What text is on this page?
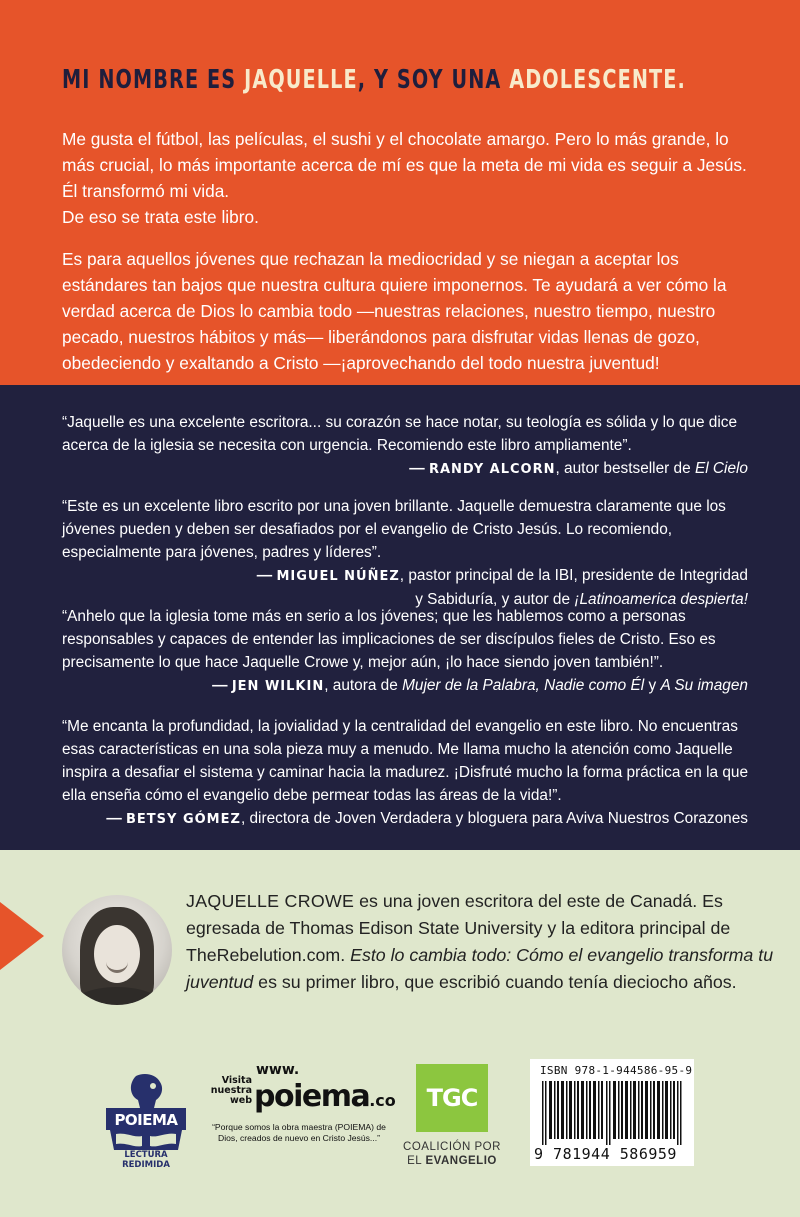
MI NOMBRE ES JAQUELLE, Y SOY UNA ADOLESCENTE.

Me gusta el fútbol, las películas, el sushi y el chocolate amargo. Pero lo más grande, lo más crucial, lo más importante acerca de mí es que la meta de mi vida es seguir a Jesús. Él transformó mi vida.

De eso se trata este libro.

Es para aquellos jóvenes que rechazan la mediocridad y se niegan a aceptar los estándares tan bajos que nuestra cultura quiere imponernos. Te ayudará a ver cómo la verdad acerca de Dios lo cambia todo —nuestras relaciones, nuestro tiempo, nuestro pecado, nuestros hábitos y más— liberándonos para disfrutar vidas llenas de gozo, obedeciendo y exaltando a Cristo —¡aprovechando del todo nuestra juventud!

“Jaquelle es una excelente escritora... su corazón se hace notar, su teología es sólida y lo que dice acerca de la iglesia se necesita con urgencia. Recomiendo este libro ampliamente”.

— RANDY ALCORN, autor bestseller de El Cielo

“Este es un excelente libro escrito por una joven brillante. Jaquelle demuestra claramente que los jóvenes pueden y deben ser desafiados por el evangelio de Cristo Jesús. Lo recomiendo, especialmente para jóvenes, padres y líderes”.

— MIGUEL NÚÑEZ, pastor principal de la IBI, presidente de Integridad
y Sabiduría, y autor de ¡Latinoamerica despierta!

“Anhelo que la iglesia tome más en serio a los jóvenes; que les hablemos como a personas responsables y capaces de entender las implicaciones de ser discípulos fieles de Cristo. Eso es precisamente lo que hace Jaquelle Crowe y, mejor aún, ¡lo hace siendo joven también!”.

— JEN WILKIN, autora de Mujer de la Palabra, Nadie como Él y A Su imagen

“Me encanta la profundidad, la jovialidad y la centralidad del evangelio en este libro. No encuentras esas características en una sola pieza muy a menudo. Me llama mucho la atención como Jaquelle inspira a desafiar el sistema y caminar hacia la madurez. ¡Disfruté mucho la forma práctica en la que ella enseña cómo el evangelio debe permear todas las áreas de la vida!”.

— BETSY GÓMEZ, directora de Joven Verdadera y bloguera para Aviva Nuestros Corazones

JAQUELLE CROWE es una joven escritora del este de Canadá. Es egresada de Thomas Edison State University y la editora principal de TheRebelution.com. Esto lo cambia todo: Cómo el evangelio transforma tu juventud es su primer libro, que escribió cuando tenía dieciocho años.

POIEMA
LECTURA REDIMIDA
Visita
nuestra web
www.
poiema.co
“Porque somos la obra maestra (POIEMA) de Dios, creados de nuevo en Cristo Jesús...”
TGC
COALICIÓN POR
EL EVANGELIO
ISBN 978-1-944586-95-9
9 781944 586959
